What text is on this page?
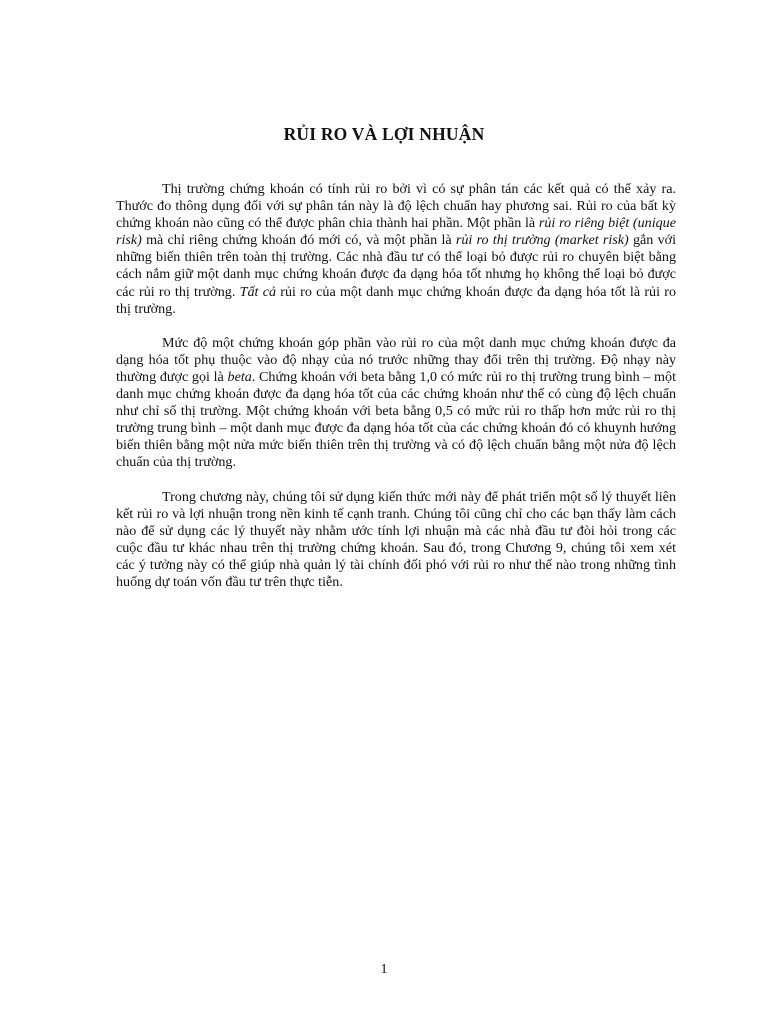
RỦI RO VÀ LỢI NHUẬN

Thị trường chứng khoán có tính rủi ro bởi vì có sự phân tán các kết quả có thể xảy ra. Thước đo thông dụng đối với sự phân tán này là độ lệch chuẩn hay phương sai. Rủi ro của bất kỳ chứng khoán nào cũng có thể được phân chia thành hai phần. Một phần là rủi ro riêng biệt (unique risk) mà chỉ riêng chứng khoán đó mới có, và một phần là rủi ro thị trường (market risk) gắn với những biến thiên trên toàn thị trường. Các nhà đầu tư có thể loại bỏ được rủi ro chuyên biệt bằng cách nắm giữ một danh mục chứng khoán được đa dạng hóa tốt nhưng họ không thể loại bỏ được các rủi ro thị trường. Tất cả rủi ro của một danh mục chứng khoán được đa dạng hóa tốt là rủi ro thị trường.

Mức độ một chứng khoán góp phần vào rủi ro của một danh mục chứng khoán được đa dạng hóa tốt phụ thuộc vào độ nhạy của nó trước những thay đổi trên thị trường. Độ nhạy này thường được gọi là beta. Chứng khoán với beta bằng 1,0 có mức rủi ro thị trường trung bình – một danh mục chứng khoán được đa dạng hóa tốt của các chứng khoán như thế có cùng độ lệch chuẩn như chỉ số thị trường. Một chứng khoán với beta bằng 0,5 có mức rủi ro thấp hơn mức rủi ro thị trường trung bình – một danh mục được đa dạng hóa tốt của các chứng khoán đó có khuynh hướng biến thiên bằng một nửa mức biến thiên trên thị trường và có độ lệch chuẩn bằng một nửa độ lệch chuẩn của thị trường.

Trong chương này, chúng tôi sử dụng kiến thức mới này để phát triển một số lý thuyết liên kết rủi ro và lợi nhuận trong nền kinh tế cạnh tranh. Chúng tôi cũng chỉ cho các bạn thấy làm cách nào để sử dụng các lý thuyết này nhằm ước tính lợi nhuận mà các nhà đầu tư đòi hỏi trong các cuộc đầu tư khác nhau trên thị trường chứng khoán. Sau đó, trong Chương 9, chúng tôi xem xét các ý tưởng này có thể giúp nhà quản lý tài chính đối phó với rủi ro như thế nào trong những tình huống dự toán vốn đầu tư trên thực tiễn.

1
